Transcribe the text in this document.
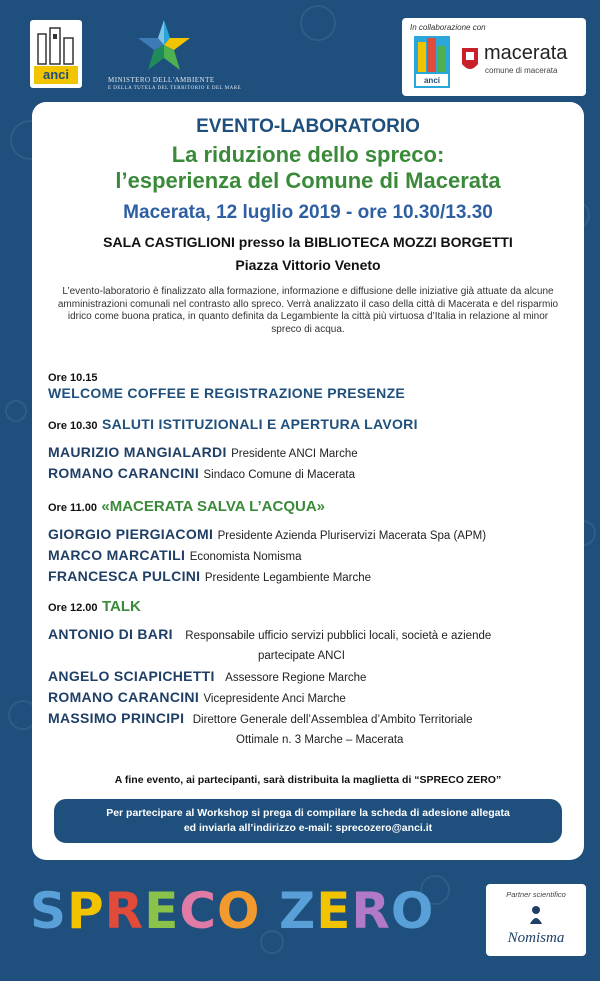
anci	MINISTERO DELL'AMBIENTE
E DELLA TUTELA DEL TERRITORIO E DEL MARE
In collaborazione con
anci
macerata
comune di macerata
EVENTO-LABORATORIO
La riduzione dello spreco:
l’esperienza del Comune di Macerata
Macerata, 12 luglio 2019 - ore 10.30/13.30
SALA CASTIGLIONI presso la BIBLIOTECA MOZZI BORGETTI
Piazza Vittorio Veneto
L’evento-laboratorio è finalizzato alla formazione, informazione e diffusione delle iniziative già attuate da alcune amministrazioni comunali nel contrasto allo spreco. Verrà analizzato il caso della città di Macerata e del risparmio idrico come buona pratica, in quanto definita da Legambiente la città più virtuosa d’Italia in relazione al minor spreco di acqua.
Ore 10.15
WELCOME COFFEE E REGISTRAZIONE PRESENZE
Ore 10.30 SALUTI ISTITUZIONALI E APERTURA LAVORI
MAURIZIO MANGIALARDI Presidente ANCI Marche
ROMANO CARANCINI Sindaco Comune di Macerata
Ore 11.00 «MACERATA SALVA L’ACQUA»
GIORGIO PIERGIACOMI Presidente Azienda Pluriservizi Macerata Spa (APM)
MARCO MARCATILI Economista Nomisma
FRANCESCA PULCINI Presidente Legambiente Marche
Ore 12.00 TALK
ANTONIO DI BARI Responsabile ufficio servizi pubblici locali, società e aziende
partecipate ANCI
ANGELO SCIAPICHETTI Assessore Regione Marche
ROMANO CARANCINI Vicepresidente Anci Marche
MASSIMO PRINCIPI Direttore Generale dell’Assemblea d’Ambito Territoriale
Ottimale n. 3 Marche – Macerata
A fine evento, ai partecipanti, sarà distribuita la maglietta di “SPRECO ZERO”
Per partecipare al Workshop si prega di compilare la scheda di adesione allegata
ed inviarla all’indirizzo e-mail: sprecozero@anci.it
SPRECO ZERO	Partner scientifico
Nomisma
